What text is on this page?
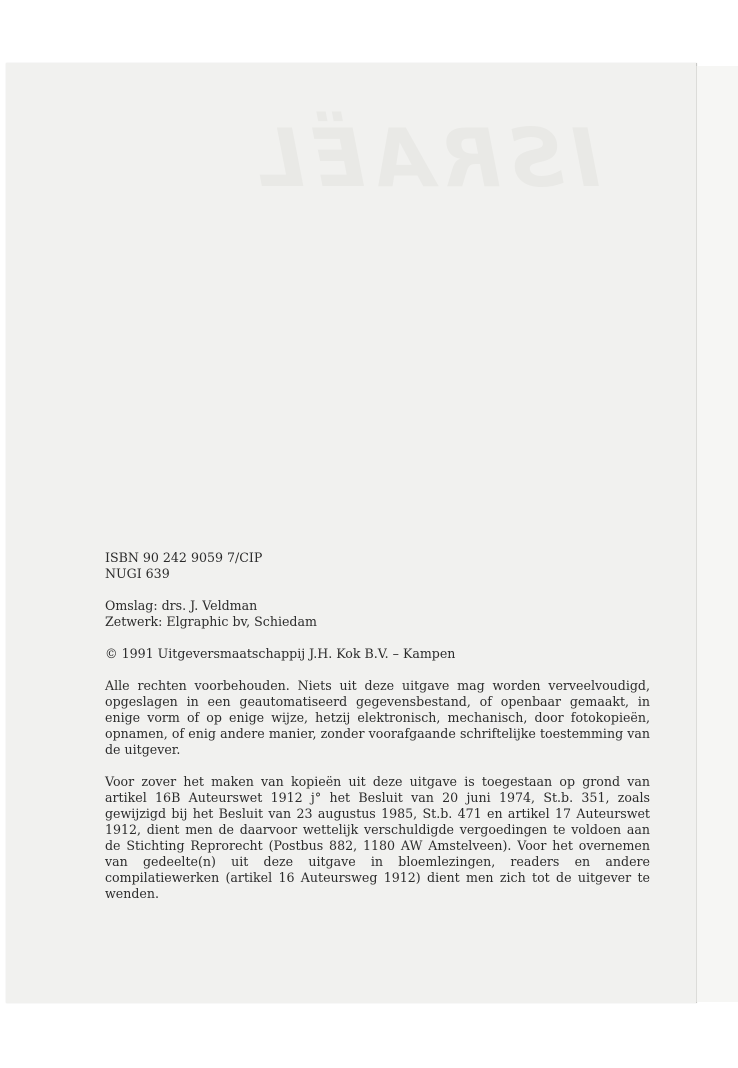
ISRAËL

ISBN 90 242 9059 7/CIP

NUGI 639

Omslag: drs. J. Veldman

Zetwerk: Elgraphic bv, Schiedam

© 1991 Uitgeversmaatschappij J.H. Kok B.V. – Kampen

Alle rechten voorbehouden. Niets uit deze uitgave mag worden verveelvoudigd, opgeslagen in een geautomatiseerd gegevensbestand, of openbaar gemaakt, in enige vorm of op enige wijze, hetzij elektronisch, mechanisch, door fotokopieën, opnamen, of enig andere manier, zonder voorafgaande schriftelijke toestemming van de uitgever.

Voor zover het maken van kopieën uit deze uitgave is toegestaan op grond van artikel 16B Auteurswet 1912 j° het Besluit van 20 juni 1974, St.b. 351, zoals gewijzigd bij het Besluit van 23 augustus 1985, St.b. 471 en artikel 17 Auteurswet 1912, dient men de daarvoor wettelijk verschuldigde vergoedingen te voldoen aan de Stichting Reprorecht (Postbus 882, 1180 AW Amstelveen). Voor het overnemen van gedeelte(n) uit deze uitgave in bloemlezingen, readers en andere compilatiewerken (artikel 16 Auteursweg 1912) dient men zich tot de uitgever te wenden.
